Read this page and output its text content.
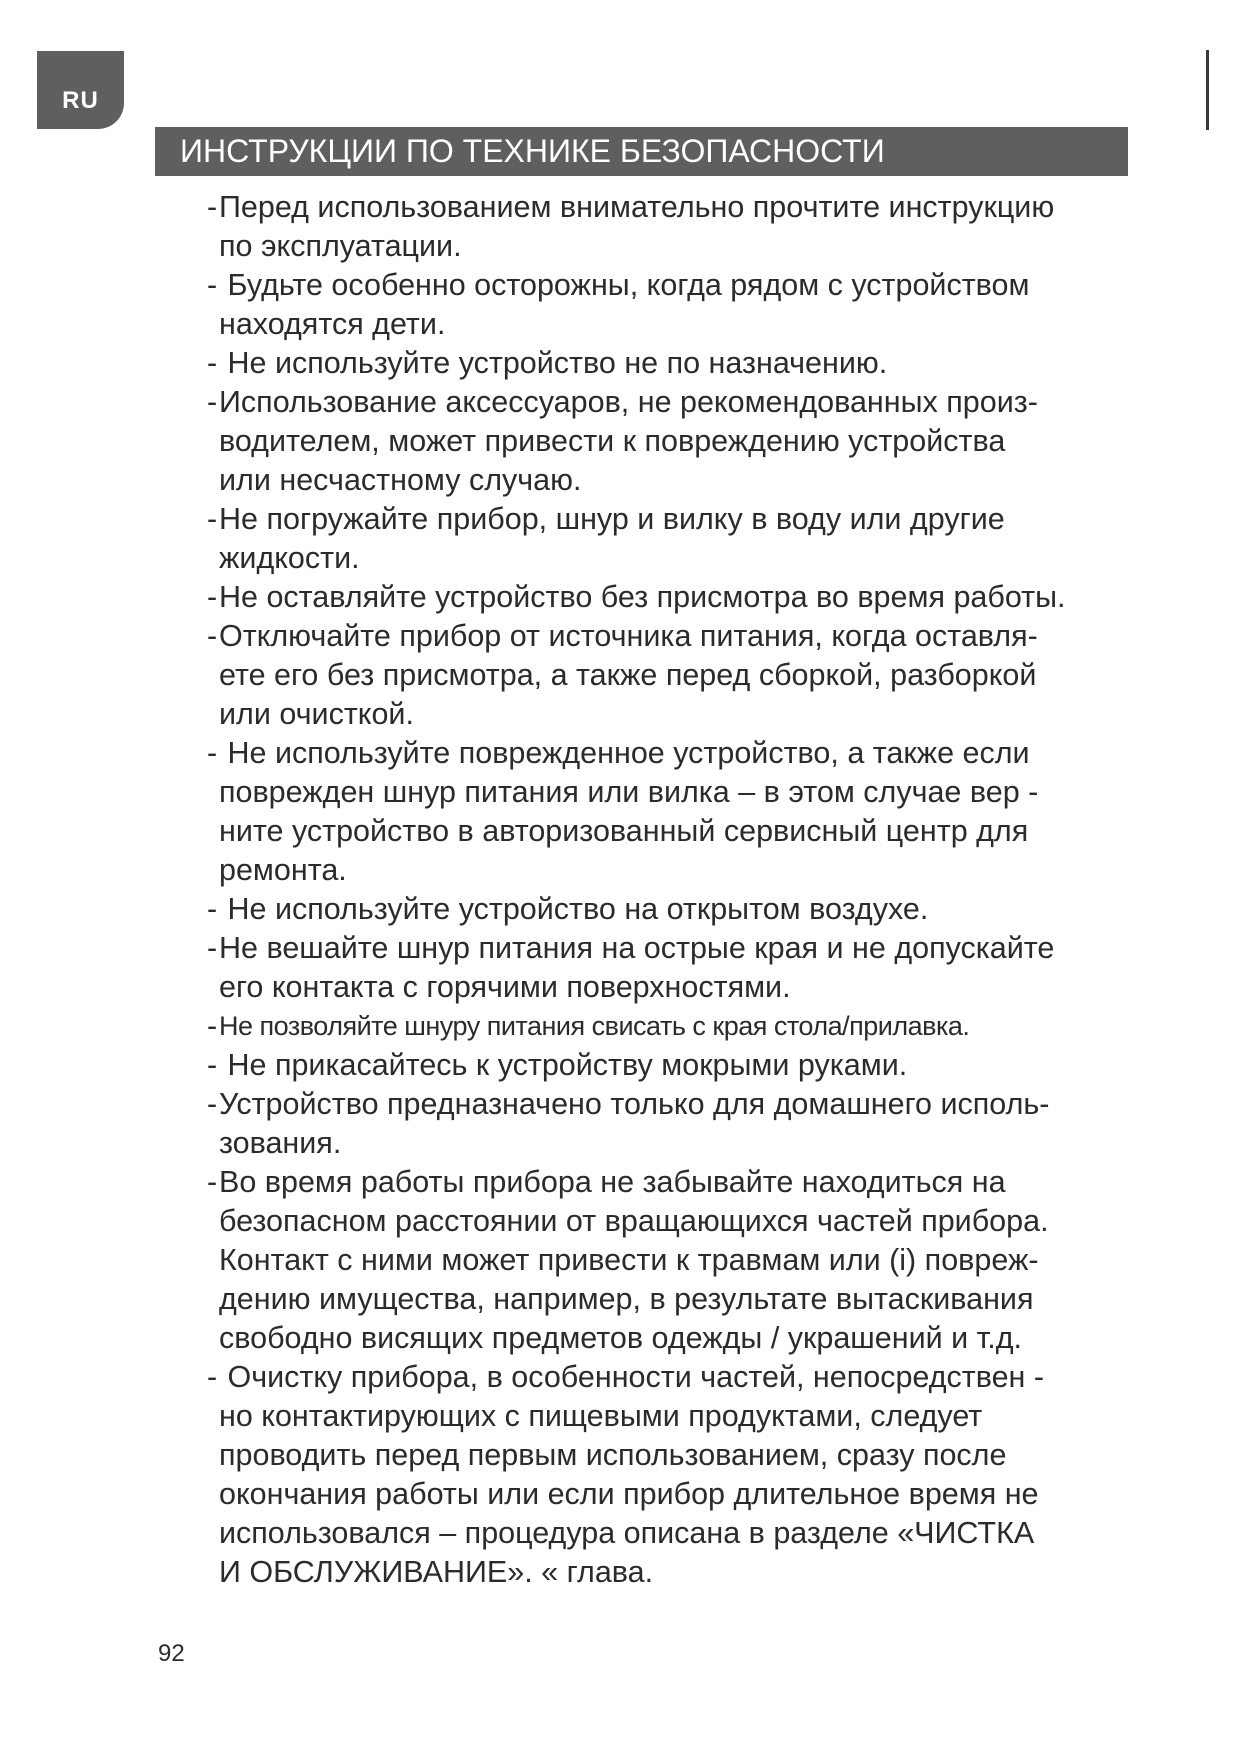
RU
ИНСТРУКЦИИ ПО ТЕХНИКЕ БЕЗОПАСНОСТИ
- Перед использованием внимательно прочтите инструкцию
по эксплуатации.
- Будьте особенно осторожны, когда рядом с устройством
находятся дети.
- Не используйте устройство не по назначению.
- Использование аксессуаров, не рекомендованных произ-
водителем, может привести к повреждению устройства
или несчастному случаю.
- Не погружайте прибор, шнур и вилку в воду или другие
жидкости.
- Не оставляйте устройство без присмотра во время работы.
- Отключайте прибор от источника питания, когда оставля-
ете его без присмотра, а также перед сборкой, разборкой
или очисткой.
- Не используйте поврежденное устройство, а также если
поврежден шнур питания или вилка – в этом случае вер -
ните устройство в авторизованный сервисный центр для
ремонта.
- Не используйте устройство на открытом воздухе.
- Не вешайте шнур питания на острые края и не допускайте
его контакта с горячими поверхностями.
- Не позволяйте шнуру питания свисать с края стола/прилавка.
- Не прикасайтесь к устройству мокрыми руками.
- Устройство предназначено только для домашнего исполь-
зования.
- Во время работы прибора не забывайте находиться на
безопасном расстоянии от вращающихся частей прибора.
Контакт с ними может привести к травмам или (i) повреж-
дению имущества, например, в результате вытаскивания
свободно висящих предметов одежды / украшений и т.д.
- Очистку прибора, в особенности частей, непосредствен -
но контактирующих с пищевыми продуктами, следует
проводить перед первым использованием, сразу после
окончания работы или если прибор длительное время не
использовался – процедура описана в разделе «ЧИСТКА
И ОБСЛУЖИВАНИЕ». « глава.
92
